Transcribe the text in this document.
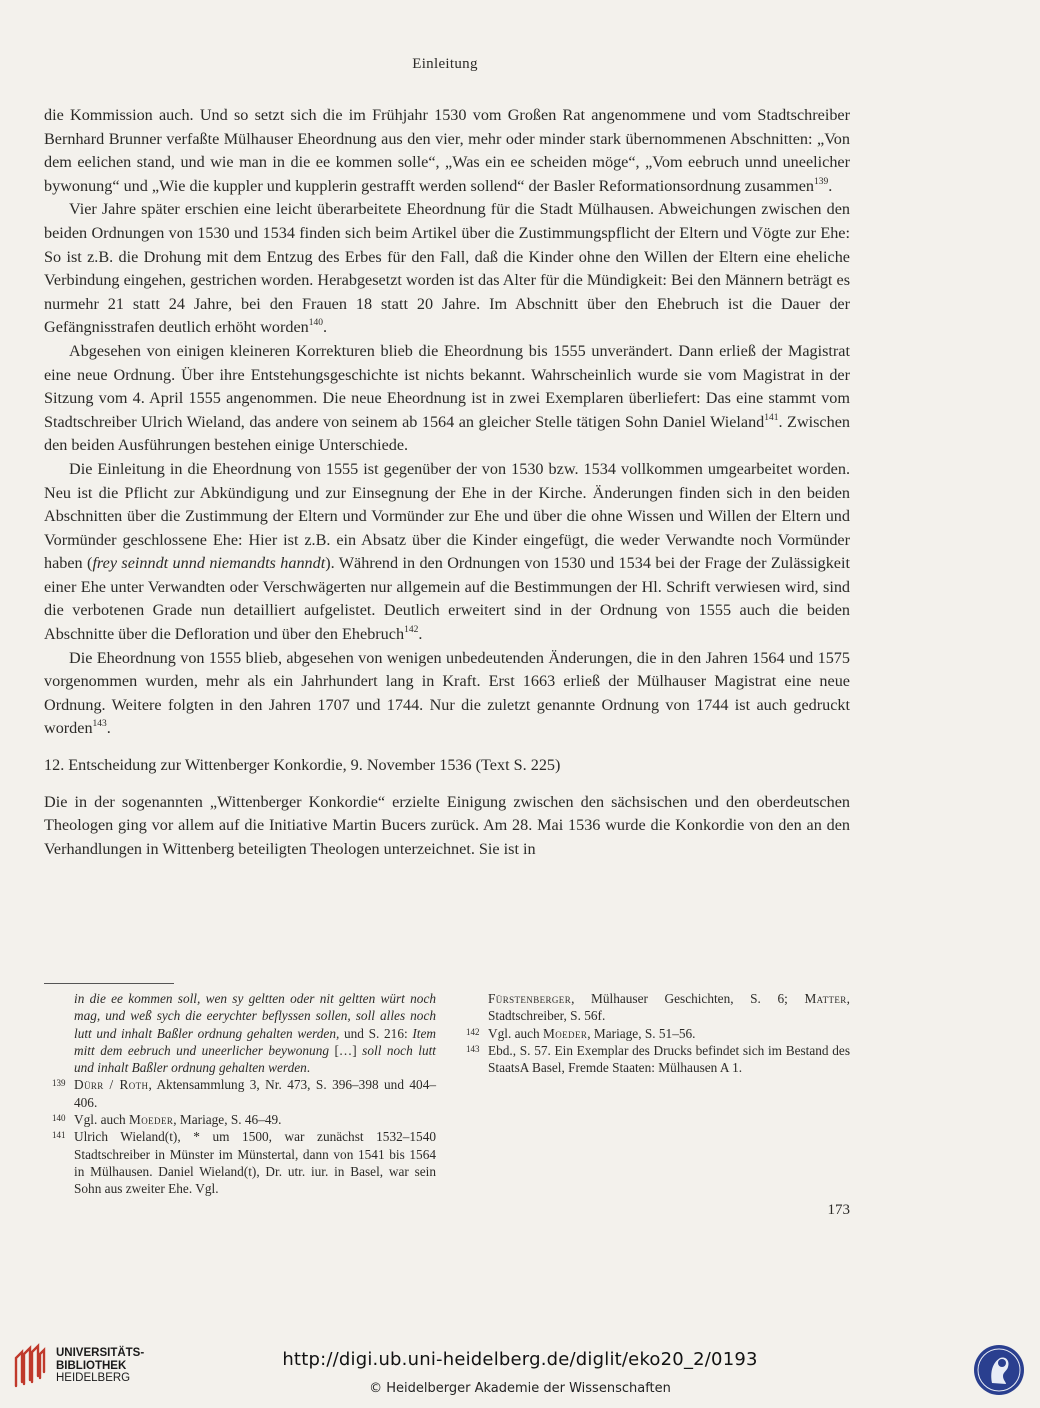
Einleitung

die Kommission auch. Und so setzt sich die im Frühjahr 1530 vom Großen Rat angenommene und vom Stadtschreiber Bernhard Brunner verfaßte Mülhauser Eheordnung aus den vier, mehr oder minder stark übernommenen Abschnitten: „Von dem eelichen stand, und wie man in die ee kommen solle“, „Was ein ee scheiden möge“, „Vom eebruch unnd uneelicher bywonung“ und „Wie die kuppler und kupplerin gestrafft werden sollend“ der Basler Reformationsordnung zusammen$^{139}$.

Vier Jahre später erschien eine leicht überarbeitete Eheordnung für die Stadt Mülhausen. Abweichungen zwischen den beiden Ordnungen von 1530 und 1534 finden sich beim Artikel über die Zustimmungspflicht der Eltern und Vögte zur Ehe: So ist z.B. die Drohung mit dem Entzug des Erbes für den Fall, daß die Kinder ohne den Willen der Eltern eine eheliche Verbindung eingehen, gestrichen worden. Herabgesetzt worden ist das Alter für die Mündigkeit: Bei den Männern beträgt es nurmehr 21 statt 24 Jahre, bei den Frauen 18 statt 20 Jahre. Im Abschnitt über den Ehebruch ist die Dauer der Gefängnisstrafen deutlich erhöht worden$^{140}$.

Abgesehen von einigen kleineren Korrekturen blieb die Eheordnung bis 1555 unverändert. Dann erließ der Magistrat eine neue Ordnung. Über ihre Entstehungsgeschichte ist nichts bekannt. Wahrscheinlich wurde sie vom Magistrat in der Sitzung vom 4. April 1555 angenommen. Die neue Eheordnung ist in zwei Exemplaren überliefert: Das eine stammt vom Stadtschreiber Ulrich Wieland, das andere von seinem ab 1564 an gleicher Stelle tätigen Sohn Daniel Wieland$^{141}$. Zwischen den beiden Ausführungen bestehen einige Unterschiede.

Die Einleitung in die Eheordnung von 1555 ist gegenüber der von 1530 bzw. 1534 vollkommen umgearbeitet worden. Neu ist die Pflicht zur Abkündigung und zur Einsegnung der Ehe in der Kirche. Änderungen finden sich in den beiden Abschnitten über die Zustimmung der Eltern und Vormünder zur Ehe und über die ohne Wissen und Willen der Eltern und Vormünder geschlossene Ehe: Hier ist z.B. ein Absatz über die Kinder eingefügt, die weder Verwandte noch Vormünder haben (frey seinndt unnd niemandts hanndt). Während in den Ordnungen von 1530 und 1534 bei der Frage der Zulässigkeit einer Ehe unter Verwandten oder Verschwägerten nur allgemein auf die Bestimmungen der Hl. Schrift verwiesen wird, sind die verbotenen Grade nun detailliert aufgelistet. Deutlich erweitert sind in der Ordnung von 1555 auch die beiden Abschnitte über die Defloration und über den Ehebruch$^{142}$.

Die Eheordnung von 1555 blieb, abgesehen von wenigen unbedeutenden Änderungen, die in den Jahren 1564 und 1575 vorgenommen wurden, mehr als ein Jahrhundert lang in Kraft. Erst 1663 erließ der Mülhauser Magistrat eine neue Ordnung. Weitere folgten in den Jahren 1707 und 1744. Nur die zuletzt genannte Ordnung von 1744 ist auch gedruckt worden$^{143}$.

12. Entscheidung zur Wittenberger Konkordie, 9. November 1536 (Text S. 225)

Die in der sogenannten „Wittenberger Konkordie“ erzielte Einigung zwischen den sächsischen und den oberdeutschen Theologen ging vor allem auf die Initiative Martin Bucers zurück. Am 28. Mai 1536 wurde die Konkordie von den an den Verhandlungen in Wittenberg beteiligten Theologen unterzeichnet. Sie ist in

in die ee kommen soll, wen sy geltten oder nit geltten würt noch mag, und weß sych die eerychter beflyssen sollen, soll alles noch lutt und inhalt Baßler ordnung gehalten werden, und S. 216: Item mitt dem eebruch und uneerlicher beywonung […] soll noch lutt und inhalt Baßler ordnung gehalten werden.

139 Dürr / Roth, Aktensammlung 3, Nr. 473, S. 396–398 und 404–406.

140 Vgl. auch Moeder, Mariage, S. 46–49.

141 Ulrich Wieland(t), * um 1500, war zunächst 1532–1540 Stadtschreiber in Münster im Münstertal, dann von 1541 bis 1564 in Mülhausen. Daniel Wieland(t), Dr. utr. iur. in Basel, war sein Sohn aus zweiter Ehe. Vgl.

Fürstenberger, Mülhauser Geschichten, S. 6; Matter, Stadtschreiber, S. 56f.

142 Vgl. auch Moeder, Mariage, S. 51–56.

143 Ebd., S. 57. Ein Exemplar des Drucks befindet sich im Bestand des StaatsA Basel, Fremde Staaten: Mülhausen A 1.

173
UNIVERSITÄTS-
BIBLIOTHEK
HEIDELBERG
http://digi.ub.uni-heidelberg.de/diglit/eko20_2/0193
© Heidelberger Akademie der Wissenschaften
